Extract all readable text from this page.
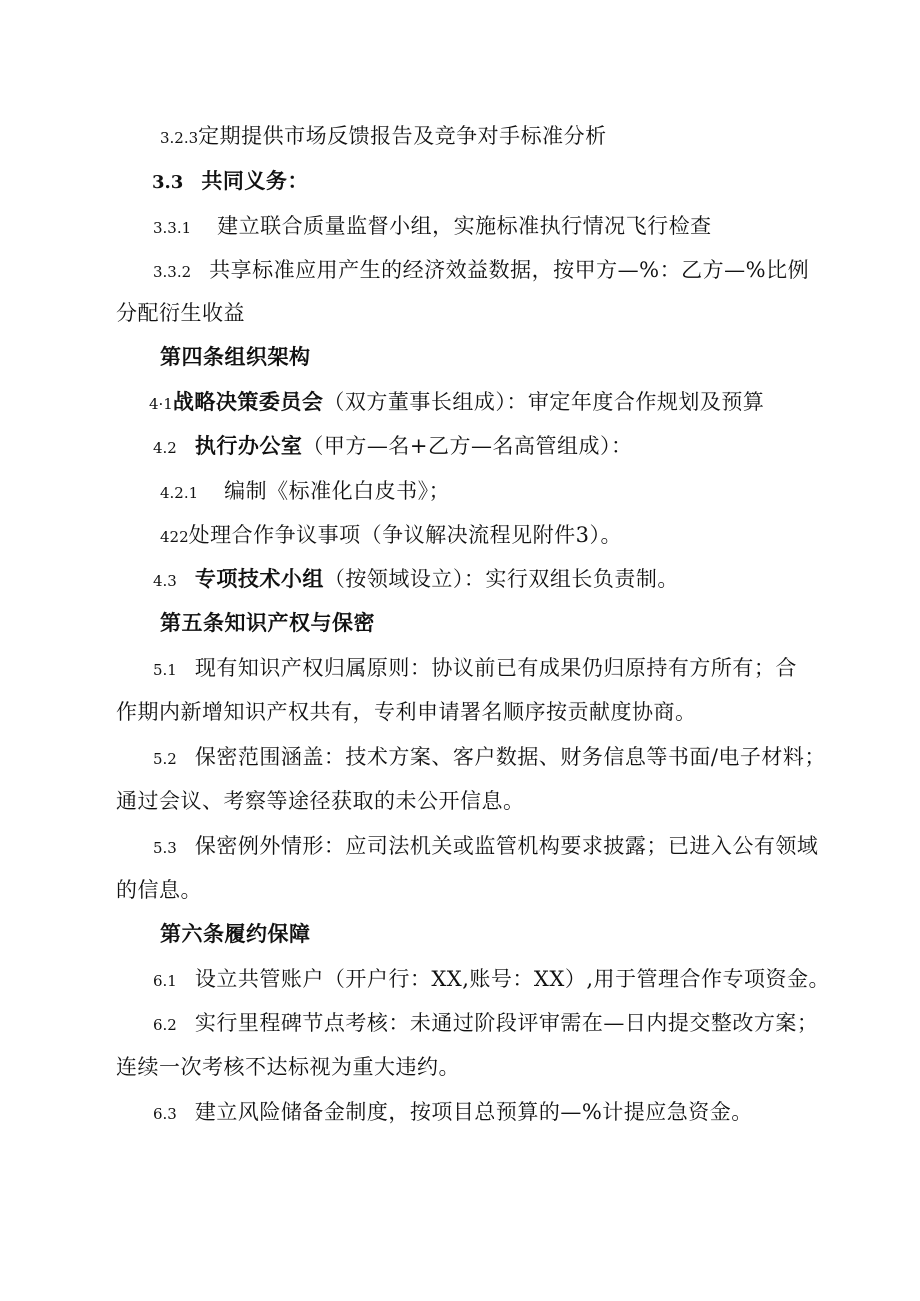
3.2.3定期提供市场反馈报告及竞争对手标准分析
3.3 共同义务：
3.3.1 建立联合质量监督小组，实施标准执行情况飞行检查
3.3.2 共享标准应用产生的经济效益数据，按甲方—%：乙方—%比例
分配衍生收益
第四条组织架构
4·1战略决策委员会（双方董事长组成）：审定年度合作规划及预算
4.2 执行办公室（甲方—名+乙方—名高管组成）：
4.2.1 编制《标准化白皮书》；
422处理合作争议事项（争议解决流程见附件3）。
4.3 专项技术小组（按领域设立）：实行双组长负责制。
第五条知识产权与保密
5.1 现有知识产权归属原则：协议前已有成果仍归原持有方所有；合
作期内新增知识产权共有，专利申请署名顺序按贡献度协商。
5.2 保密范围涵盖：技术方案、客户数据、财务信息等书面/电子材料；
通过会议、考察等途径获取的未公开信息。
5.3 保密例外情形：应司法机关或监管机构要求披露；已进入公有领域
的信息。
第六条履约保障
6.1 设立共管账户（开户行：XX,账号：XX）,用于管理合作专项资金。
6.2 实行里程碑节点考核：未通过阶段评审需在—日内提交整改方案；
连续一次考核不达标视为重大违约。
6.3 建立风险储备金制度，按项目总预算的—%计提应急资金。
